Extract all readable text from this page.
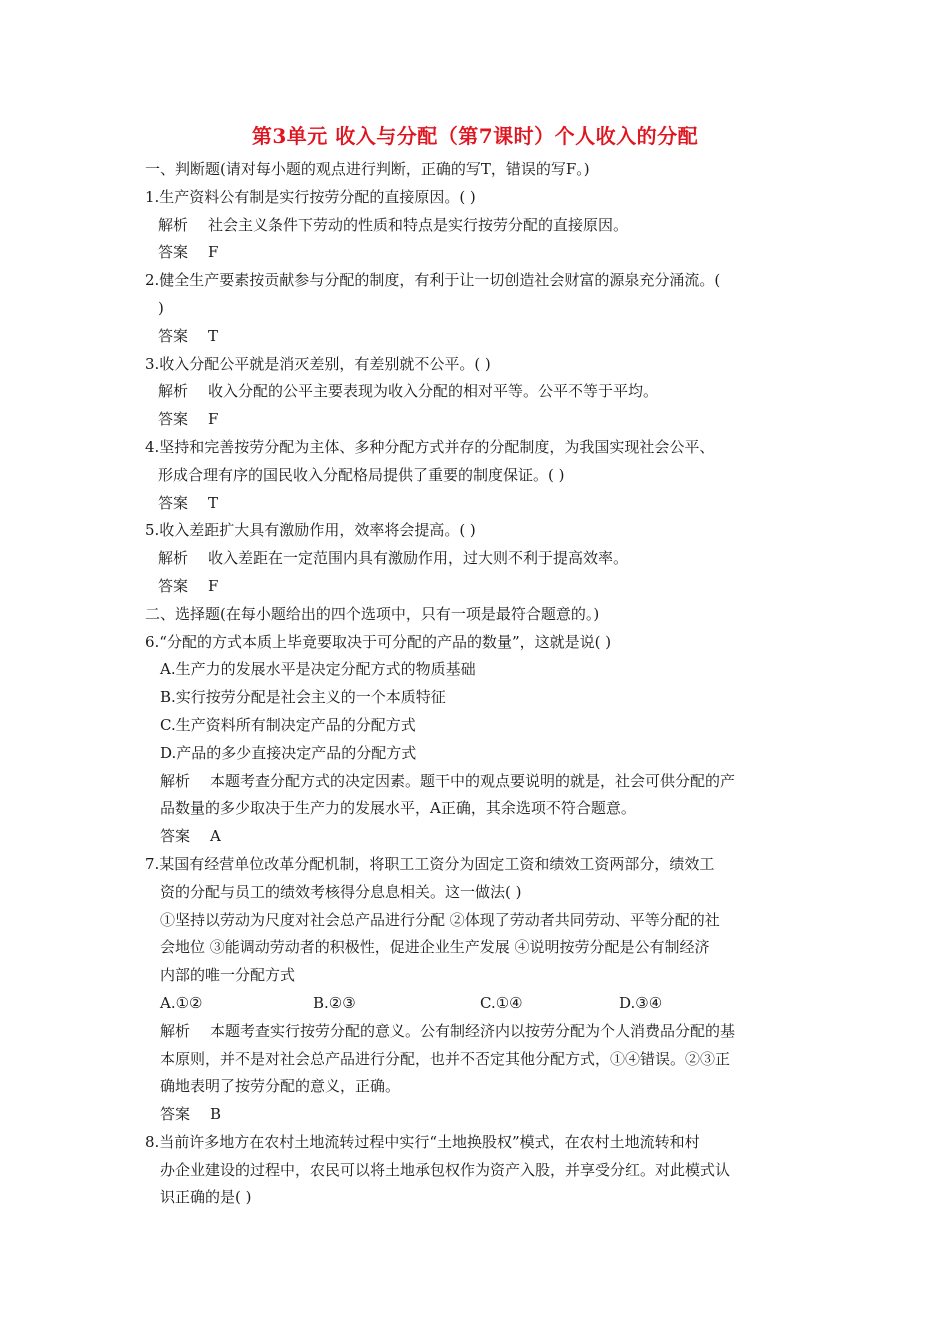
第3单元 收入与分配（第7课时）个人收入的分配
一、判断题(请对每小题的观点进行判断，正确的写T，错误的写F。)
1.生产资料公有制是实行按劳分配的直接原因。( )
解析 社会主义条件下劳动的性质和特点是实行按劳分配的直接原因。
答案 F
2.健全生产要素按贡献参与分配的制度，有利于让一切创造社会财富的源泉充分涌流。(
)
答案 T
3.收入分配公平就是消灭差别，有差别就不公平。( )
解析 收入分配的公平主要表现为收入分配的相对平等。公平不等于平均。
答案 F
4.坚持和完善按劳分配为主体、多种分配方式并存的分配制度，为我国实现社会公平、
形成合理有序的国民收入分配格局提供了重要的制度保证。( )
答案 T
5.收入差距扩大具有激励作用，效率将会提高。( )
解析 收入差距在一定范围内具有激励作用，过大则不利于提高效率。
答案 F
二、选择题(在每小题给出的四个选项中，只有一项是最符合题意的。)
6.“分配的方式本质上毕竟要取决于可分配的产品的数量”，这就是说( )
A.生产力的发展水平是决定分配方式的物质基础
B.实行按劳分配是社会主义的一个本质特征
C.生产资料所有制决定产品的分配方式
D.产品的多少直接决定产品的分配方式
解析 本题考查分配方式的决定因素。题干中的观点要说明的就是，社会可供分配的产
品数量的多少取决于生产力的发展水平，A正确，其余选项不符合题意。
答案 A
7.某国有经营单位改革分配机制，将职工工资分为固定工资和绩效工资两部分，绩效工
资的分配与员工的绩效考核得分息息相关。这一做法( )
①坚持以劳动为尺度对社会总产品进行分配 ②体现了劳动者共同劳动、平等分配的社
会地位 ③能调动劳动者的积极性，促进企业生产发展 ④说明按劳分配是公有制经济
内部的唯一分配方式
A.①②	B.②③	C.①④	D.③④
解析 本题考查实行按劳分配的意义。公有制经济内以按劳分配为个人消费品分配的基
本原则，并不是对社会总产品进行分配，也并不否定其他分配方式，①④错误。②③正
确地表明了按劳分配的意义，正确。
答案 B
8.当前许多地方在农村土地流转过程中实行“土地换股权”模式，在农村土地流转和村
办企业建设的过程中，农民可以将土地承包权作为资产入股，并享受分红。对此模式认
识正确的是( )
